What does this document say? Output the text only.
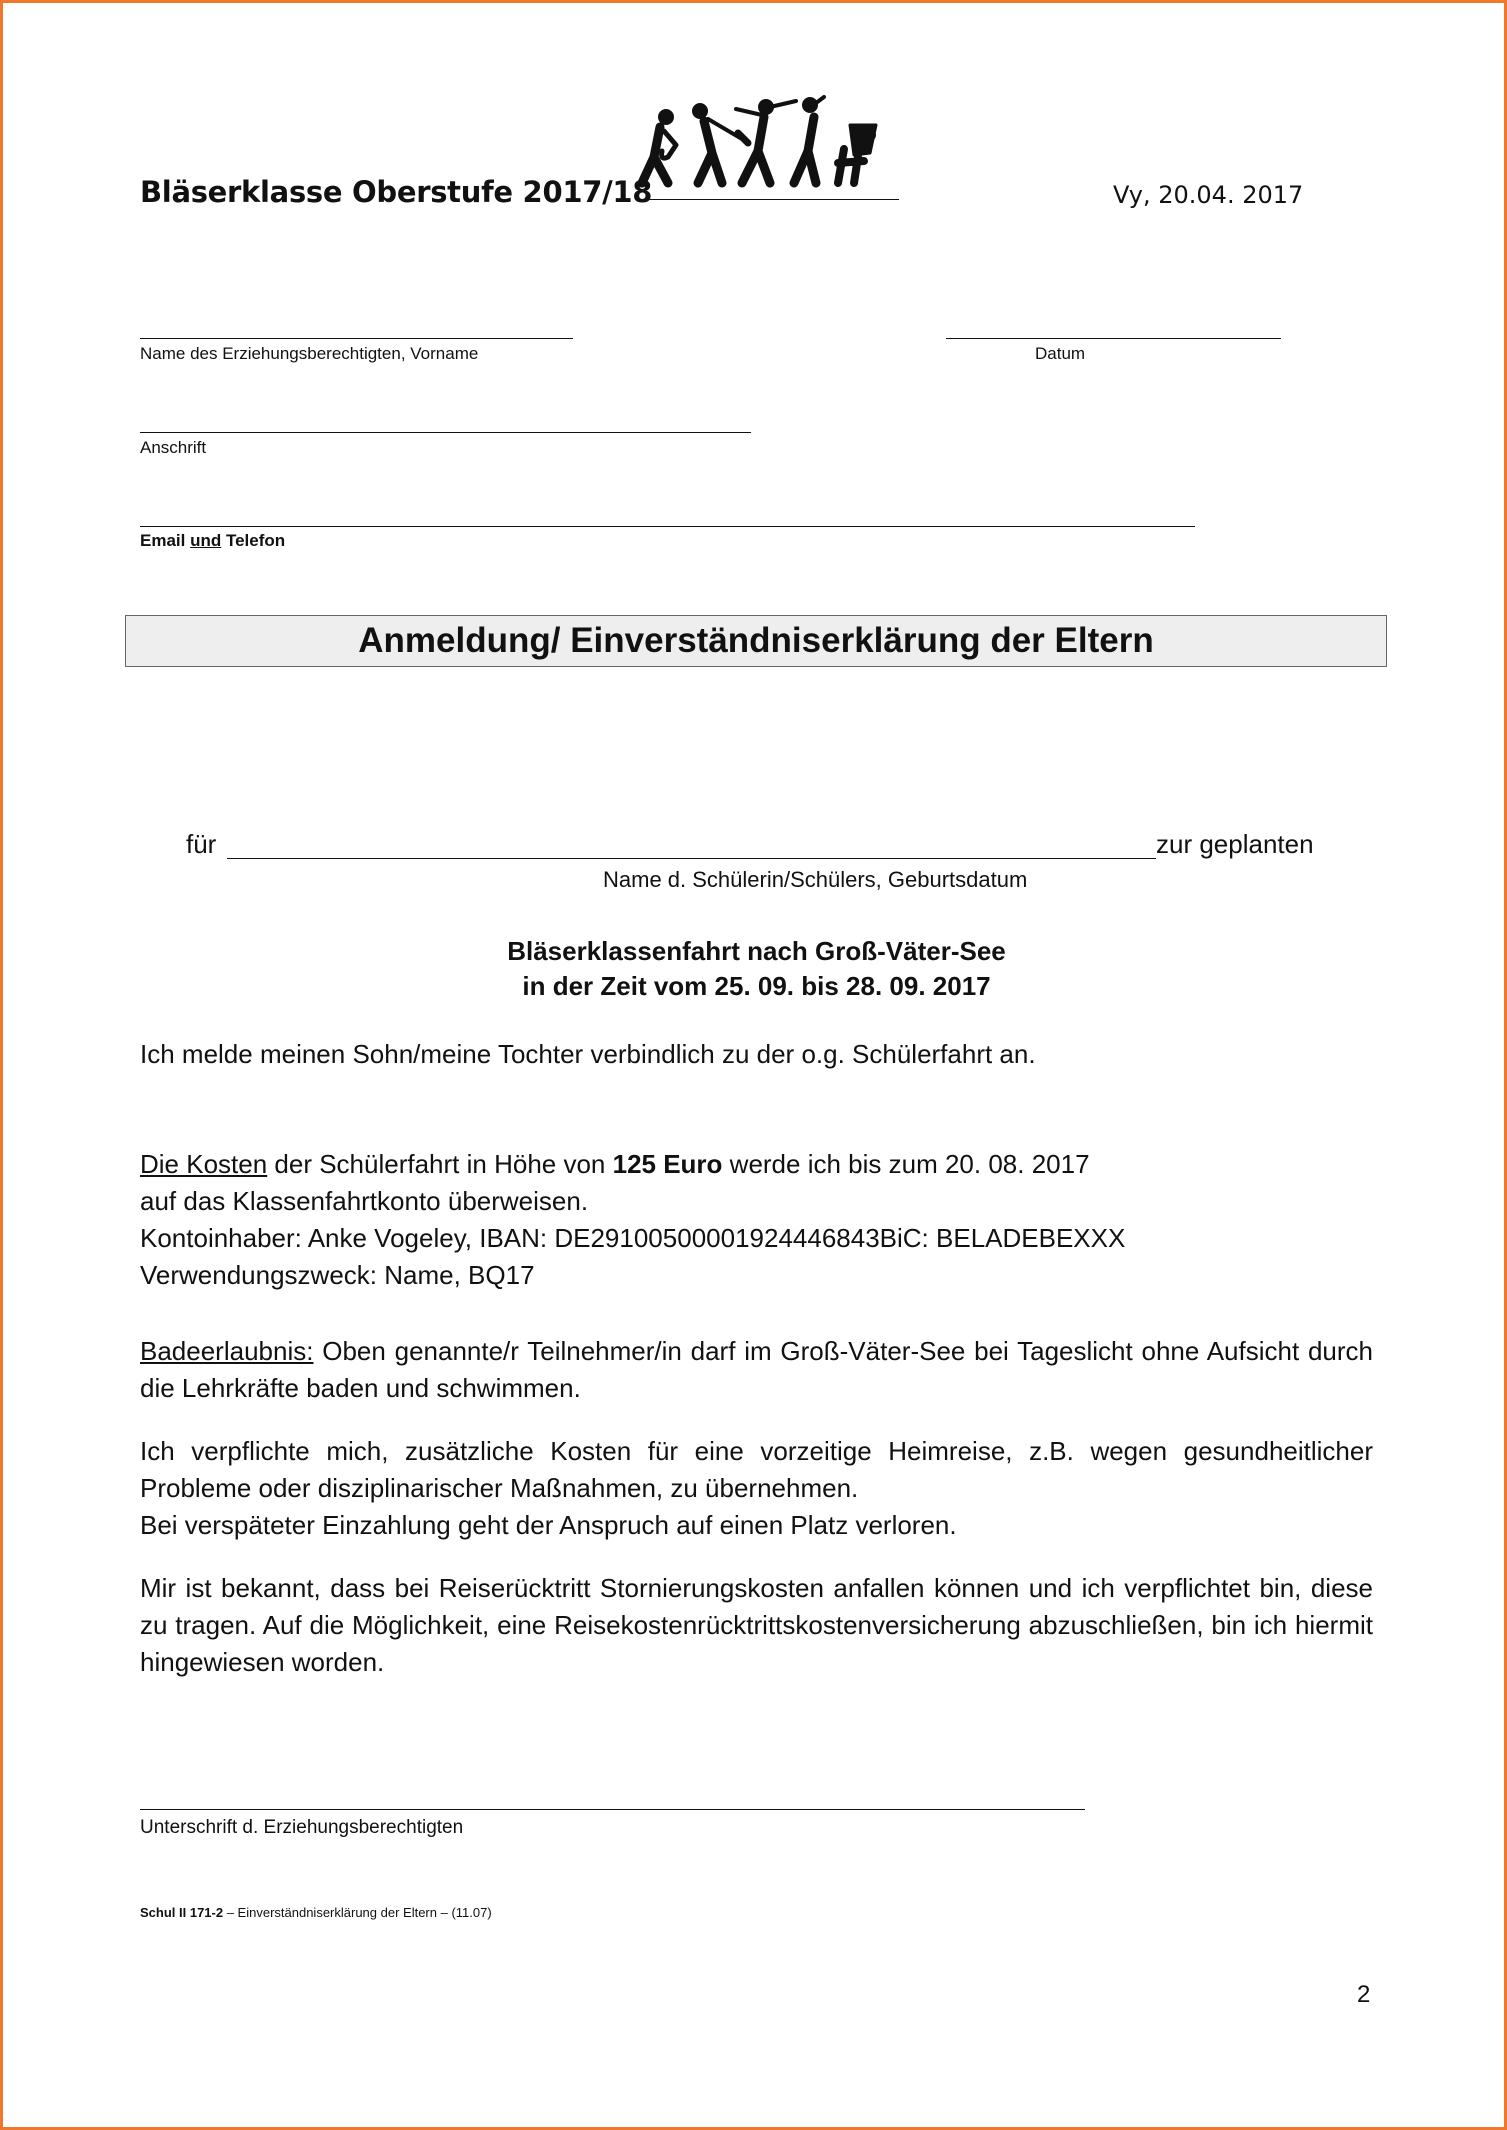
Bläserklasse Oberstufe 2017/18	Vy, 20.04. 2017
Name des Erziehungsberechtigten, Vorname	Datum
Anschrift
Email und Telefon
Anmeldung/ Einverständniserklärung der Eltern
für	zur geplanten
Name d. Schülerin/Schülers, Geburtsdatum
Bläserklassenfahrt nach Groß-Väter-See
in der Zeit vom 25. 09. bis 28. 09. 2017
Ich melde meinen Sohn/meine Tochter verbindlich zu der o.g. Schülerfahrt an.
Die Kosten der Schülerfahrt in Höhe von 125 Euro werde ich bis zum 20. 08. 2017
auf das Klassenfahrtkonto überweisen.
Kontoinhaber: Anke Vogeley, IBAN: DE29100500001924446843BiC: BELADEBEXXX
Verwendungszweck: Name, BQ17
Badeerlaubnis: Oben genannte/r Teilnehmer/in darf im Groß-Väter-See bei Tageslicht ohne Aufsicht durch die Lehrkräfte baden und schwimmen.
Ich verpflichte mich, zusätzliche Kosten für eine vorzeitige Heimreise, z.B. wegen gesundheitlicher Probleme oder disziplinarischer Maßnahmen, zu übernehmen.
Bei verspäteter Einzahlung geht der Anspruch auf einen Platz verloren.
Mir ist bekannt, dass bei Reiserücktritt Stornierungskosten anfallen können und ich verpflichtet bin, diese zu tragen. Auf die Möglichkeit, eine Reisekostenrücktrittskostenversicherung abzuschließen, bin ich hiermit hingewiesen worden.
Unterschrift d. Erziehungsberechtigten
Schul II 171-2 – Einverständniserklärung der Eltern – (11.07)
2
